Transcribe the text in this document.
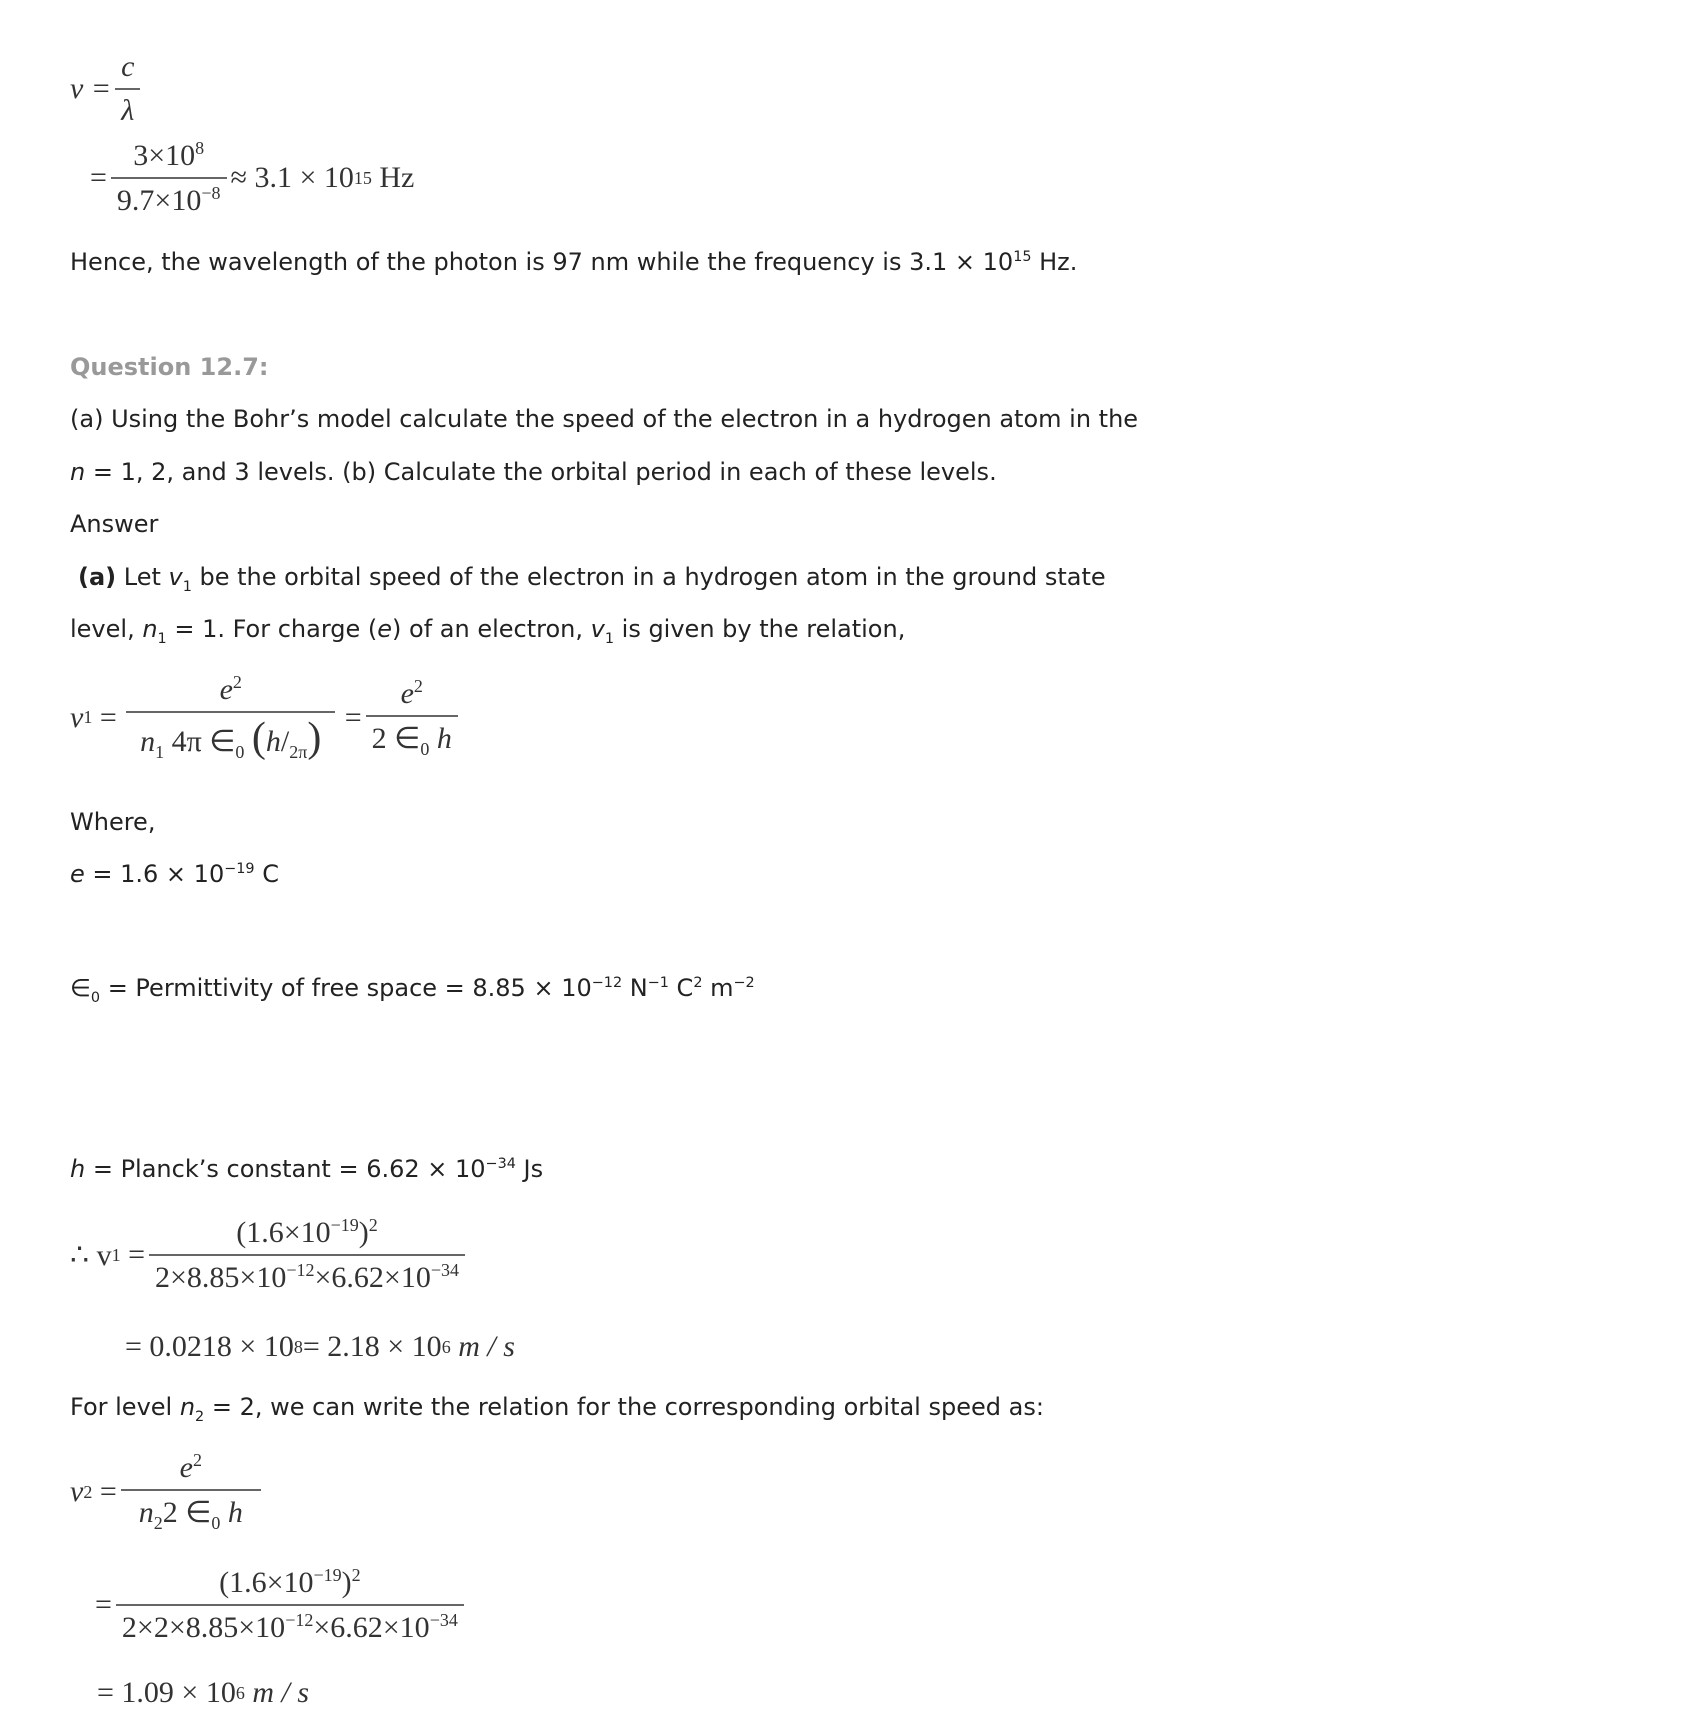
$v = \frac{c}{\lambda}$
= $\frac{3\times 10^8}{9.7\times 10^{-8}} \approx 3.1 \times 10$ 15
Hz
Hence, the wavelength of the photon is 97 nm while the frequency is $3.1 \times 10^{15}$ Hz.
Question 12.7:
(a) Using the Bohr’s model calculate the speed of the electron in a hydrogen atom in the
n = 1, 2, and 3 levels. (b) Calculate the orbital period in each of these levels.
Answer
(a) Let $v_1$ be the orbital speed of the electron in a hydrogen atom in the ground state
level, $n_1 = 1$. For charge (e) of an electron, $v_1$ is given by the relation,
v 1
= $\frac{e^2}{n_1 4\pi \in_0 (h/_{2\pi})} = \frac{e^2}{2 \in_0 h}$
Where,
$e = 1.6 \times 10^{-19}$ C
$\in_0$ = Permittivity of free space = $8.85 \times 10^{-12}$ $N^{-1}$ $C^2$ $m^{-2}$
h = Planck’s constant = $6.62 \times 10^{-34}$ Js
∴ v 1
= $\frac{(1.6\times 10^{-19})^2}{2\times 8.85\times 10^{-12}\times 6.62\times 10^{-34}}$
= 0.0218 × 10 8 = 2.18 × 10 6
m / s
For level $n_2 = 2$, we can write the relation for the corresponding orbital speed as:
v 2
= $\frac{e^2}{n_22 \in_0 h}$
= $\frac{(1.6\times 10^{-19})^2}{2\times 2\times 8.85\times 10^{-12}\times 6.62\times 10^{-34}}$
= 1.09 × 10 6
m / s
